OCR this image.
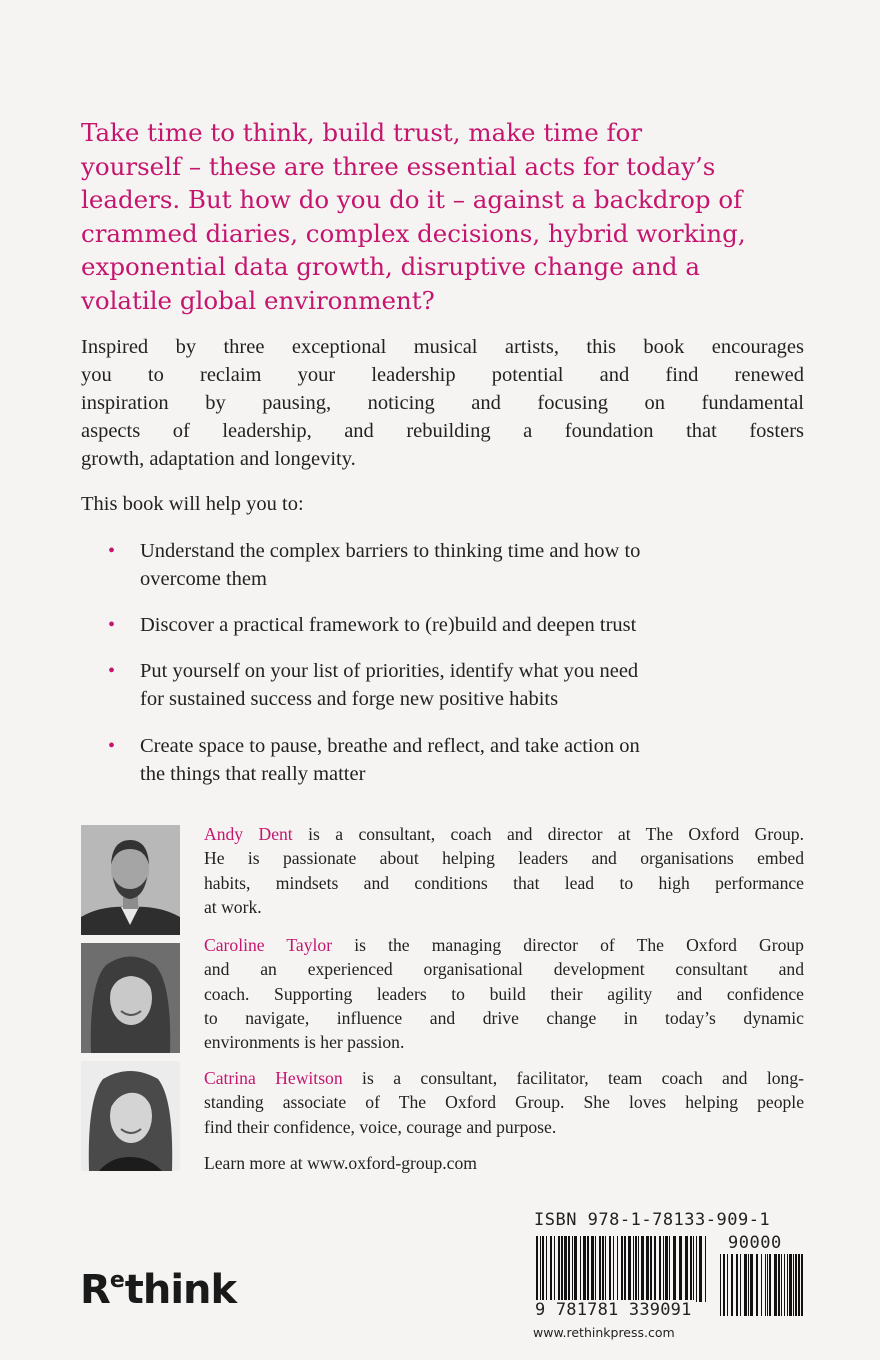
Take time to think, build trust, make time for
yourself – these are three essential acts for today’s
leaders. But how do you do it – against a backdrop of
crammed diaries, complex decisions, hybrid working,
exponential data growth, disruptive change and a
volatile global environment?
Inspired by three exceptional musical artists, this book encourages
you to reclaim your leadership potential and find renewed
inspiration by pausing, noticing and focusing on fundamental
aspects of leadership, and rebuilding a foundation that fosters
growth, adaptation and longevity.
This book will help you to:
• Understand the complex barriers to thinking time and how to
overcome them
• Discover a practical framework to (re)build and deepen trust
• Put yourself on your list of priorities, identify what you need
for sustained success and forge new positive habits
• Create space to pause, breathe and reflect, and take action on
the things that really matter
Andy Dent is a consultant, coach and director at The Oxford Group.
He is passionate about helping leaders and organisations embed
habits, mindsets and conditions that lead to high performance
at work.
Caroline Taylor is the managing director of The Oxford Group
and an experienced organisational development consultant and
coach. Supporting leaders to build their agility and confidence
to navigate, influence and drive change in today’s dynamic
environments is her passion.
Catrina Hewitson is a consultant, facilitator, team coach and long-
standing associate of The Oxford Group. She loves helping people
find their confidence, voice, courage and purpose.
Learn more at www.oxford-group.com
$R^ethink$
ISBN 978-1-78133-909-1
90000
9 781781 339091
www.rethinkpress.com
